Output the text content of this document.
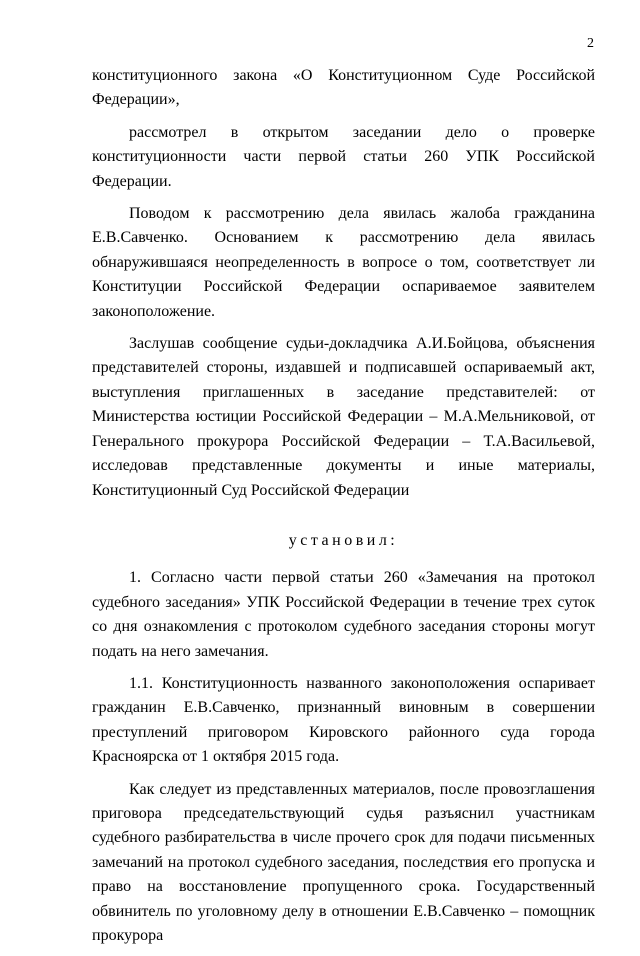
2

конституционного закона «О Конституционном Суде Российской Федерации»,

рассмотрел в открытом заседании дело о проверке конституционности части первой статьи 260 УПК Российской Федерации.

Поводом к рассмотрению дела явилась жалоба гражданина Е.В.Савченко. Основанием к рассмотрению дела явилась обнаружившаяся неопределенность в вопросе о том, соответствует ли Конституции Российской Федерации оспариваемое заявителем законоположение.

Заслушав сообщение судьи-докладчика А.И.Бойцова, объяснения представителей стороны, издавшей и подписавшей оспариваемый акт, выступления приглашенных в заседание представителей: от Министерства юстиции Российской Федерации – М.А.Мельниковой, от Генерального прокурора Российской Федерации – Т.А.Васильевой, исследовав представленные документы и иные материалы, Конституционный Суд Российской Федерации

установил:

1. Согласно части первой статьи 260 «Замечания на протокол судебного заседания» УПК Российской Федерации в течение трех суток со дня ознакомления с протоколом судебного заседания стороны могут подать на него замечания.

1.1. Конституционность названного законоположения оспаривает гражданин Е.В.Савченко, признанный виновным в совершении преступлений приговором Кировского районного суда города Красноярска от 1 октября 2015 года.

Как следует из представленных материалов, после провозглашения приговора председательствующий судья разъяснил участникам судебного разбирательства в числе прочего срок для подачи письменных замечаний на протокол судебного заседания, последствия его пропуска и право на восстановление пропущенного срока. Государственный обвинитель по уголовному делу в отношении Е.В.Савченко – помощник прокурора
